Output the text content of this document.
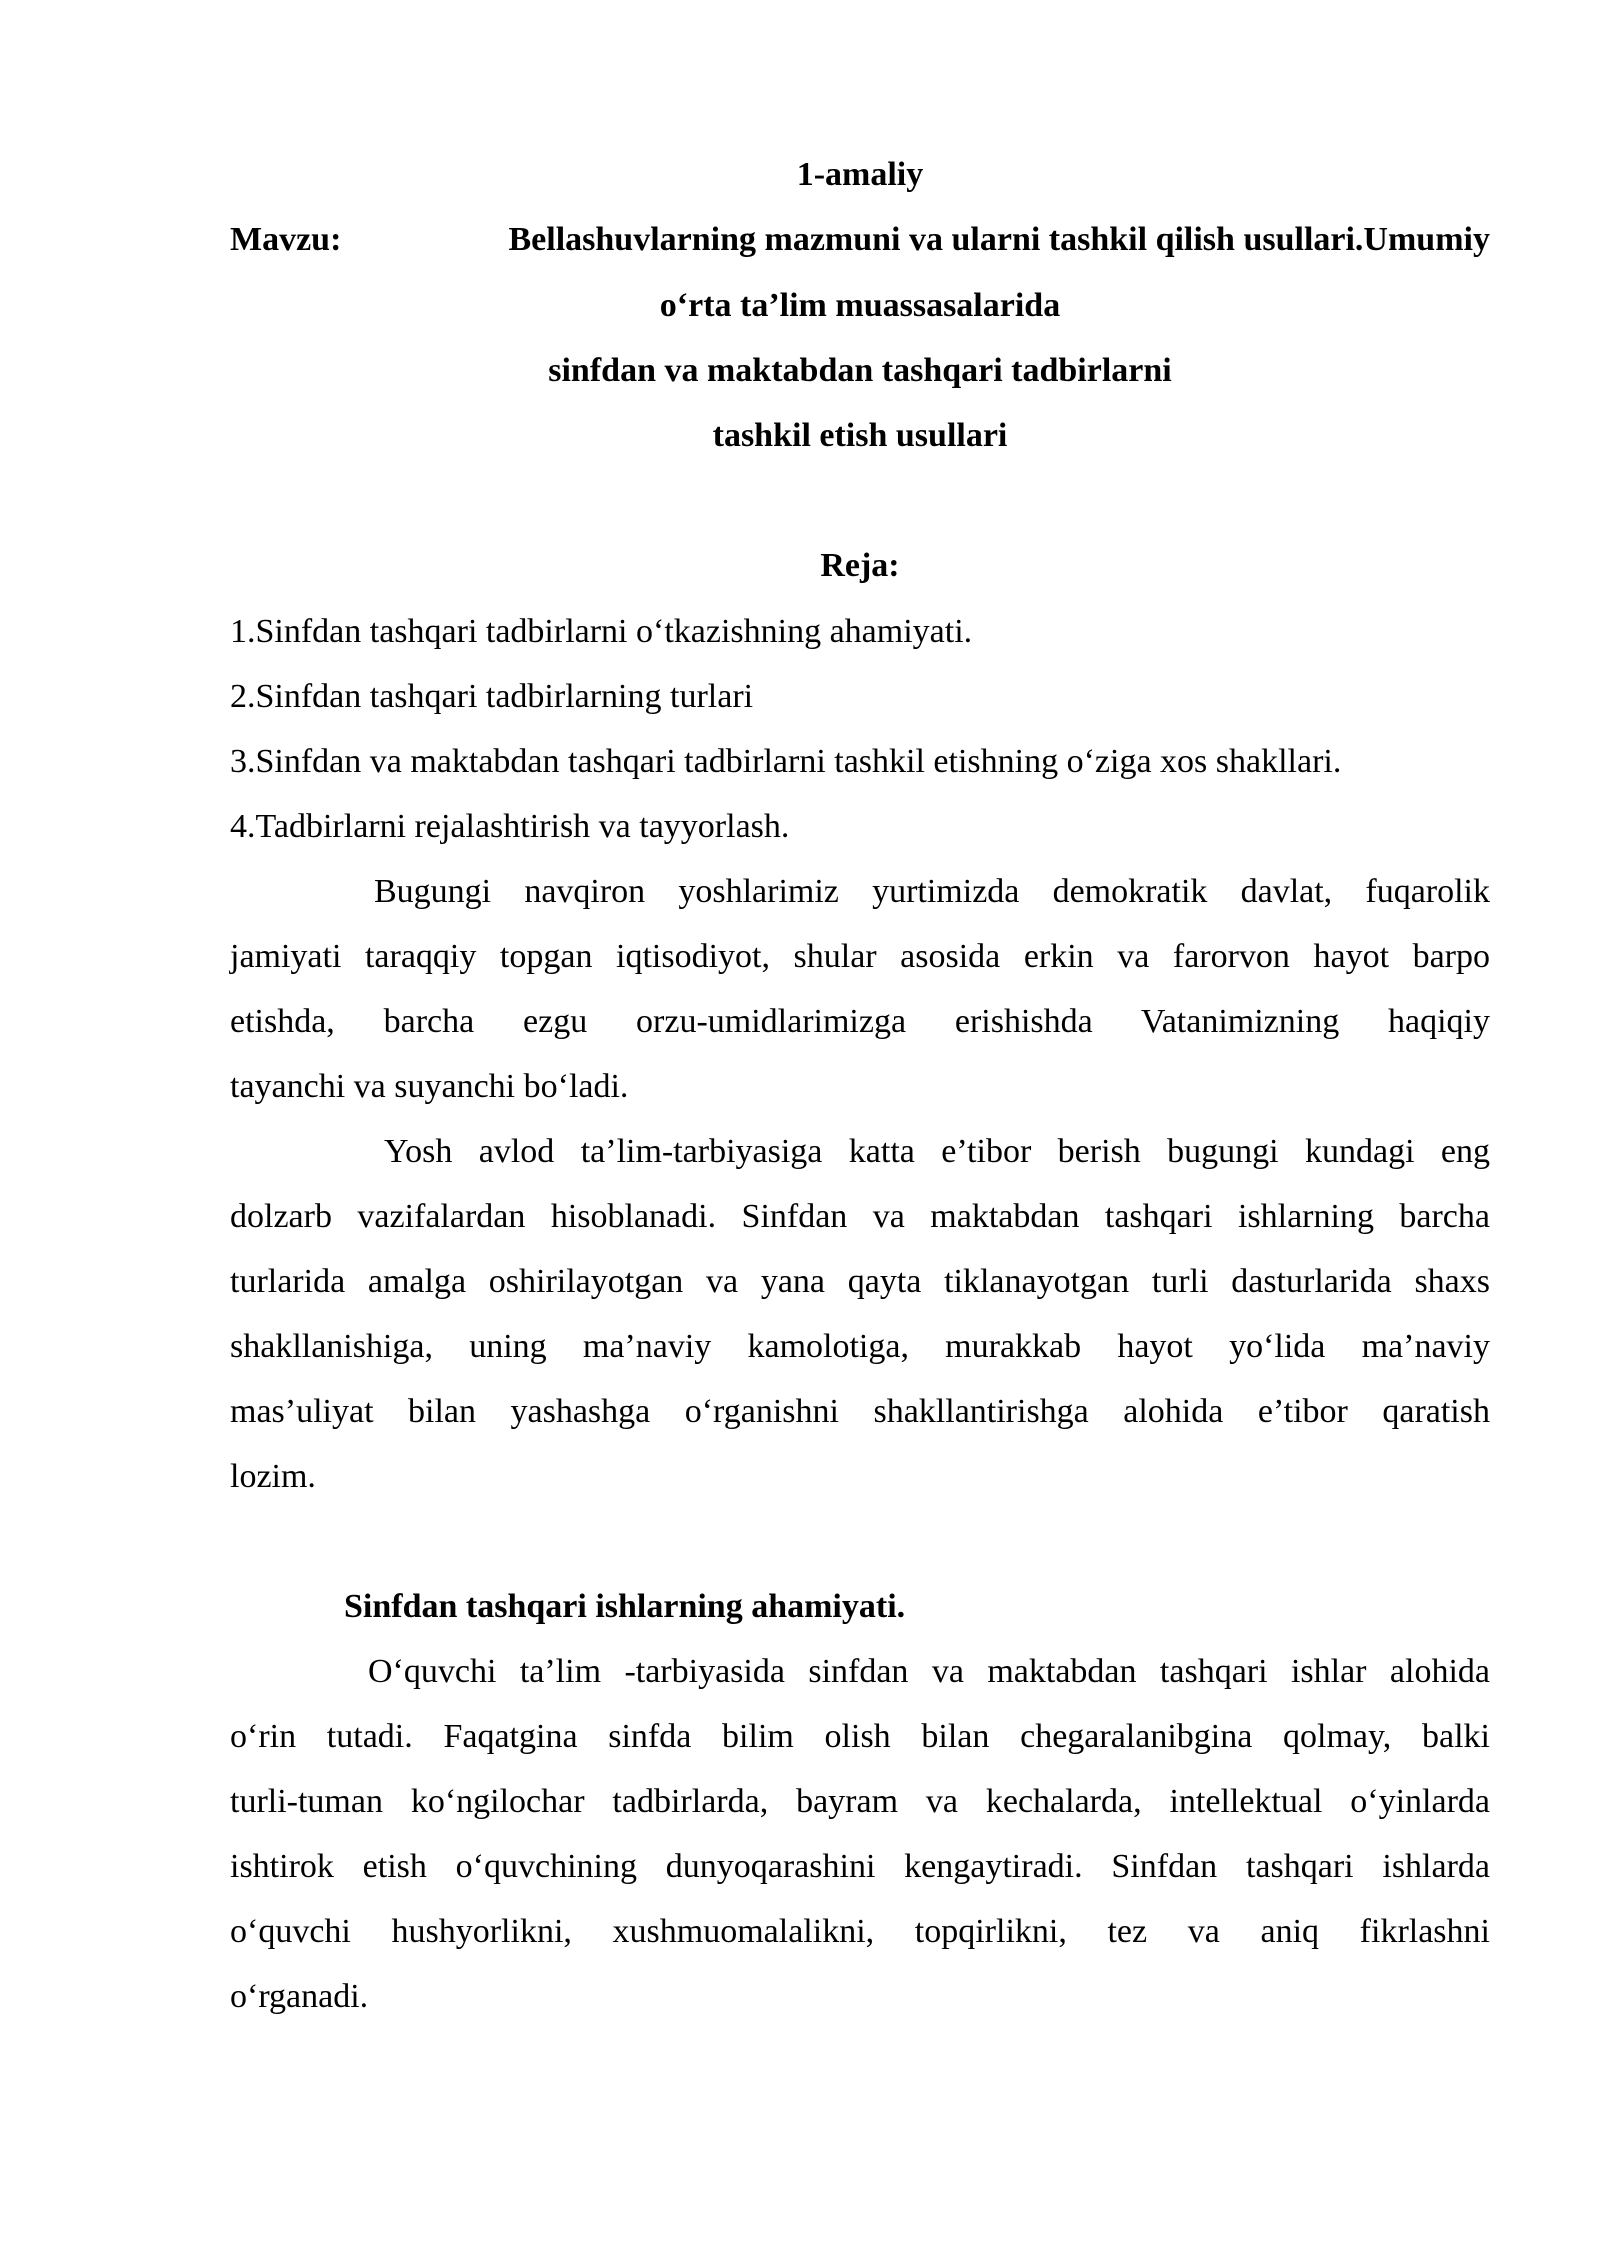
1-amaliy
Mavzu:	Bellashuvlarning mazmuni va ularni tashkil qilish usullari.Umumiy
o‘rta ta’lim muassasalarida
sinfdan va maktabdan tashqari tadbirlarni
tashkil etish usullari
Reja:
1.Sinfdan tashqari tadbirlarni o‘tkazishning ahamiyati.
2.Sinfdan tashqari tadbirlarning turlari
3.Sinfdan va maktabdan tashqari tadbirlarni tashkil etishning o‘ziga xos shakllari.
4.Tadbirlarni rejalashtirish va tayyorlash.
Bugungi navqiron yoshlarimiz yurtimizda demokratik davlat, fuqarolik
jamiyati taraqqiy topgan iqtisodiyot, shular asosida erkin va farorvon hayot barpo
etishda, barcha ezgu orzu-umidlarimizga erishishda Vatanimizning haqiqiy
tayanchi va suyanchi bo‘ladi.
Yosh avlod ta’lim-tarbiyasiga katta e’tibor berish bugungi kundagi eng
dolzarb vazifalardan hisoblanadi. Sinfdan va maktabdan tashqari ishlarning barcha
turlarida amalga oshirilayotgan va yana qayta tiklanayotgan turli dasturlarida shaxs
shakllanishiga, uning ma’naviy kamolotiga, murakkab hayot yo‘lida ma’naviy
mas’uliyat bilan yashashga o‘rganishni shakllantirishga alohida e’tibor qaratish
lozim.
Sinfdan tashqari ishlarning ahamiyati.
O‘quvchi ta’lim -tarbiyasida sinfdan va maktabdan tashqari ishlar alohida
o‘rin tutadi. Faqatgina sinfda bilim olish bilan chegaralanibgina qolmay, balki
turli-tuman ko‘ngilochar tadbirlarda, bayram va kechalarda, intellektual o‘yinlarda
ishtirok etish o‘quvchining dunyoqarashini kengaytiradi. Sinfdan tashqari ishlarda
o‘quvchi hushyorlikni, xushmuomalalikni, topqirlikni, tez va aniq fikrlashni
o‘rganadi.
